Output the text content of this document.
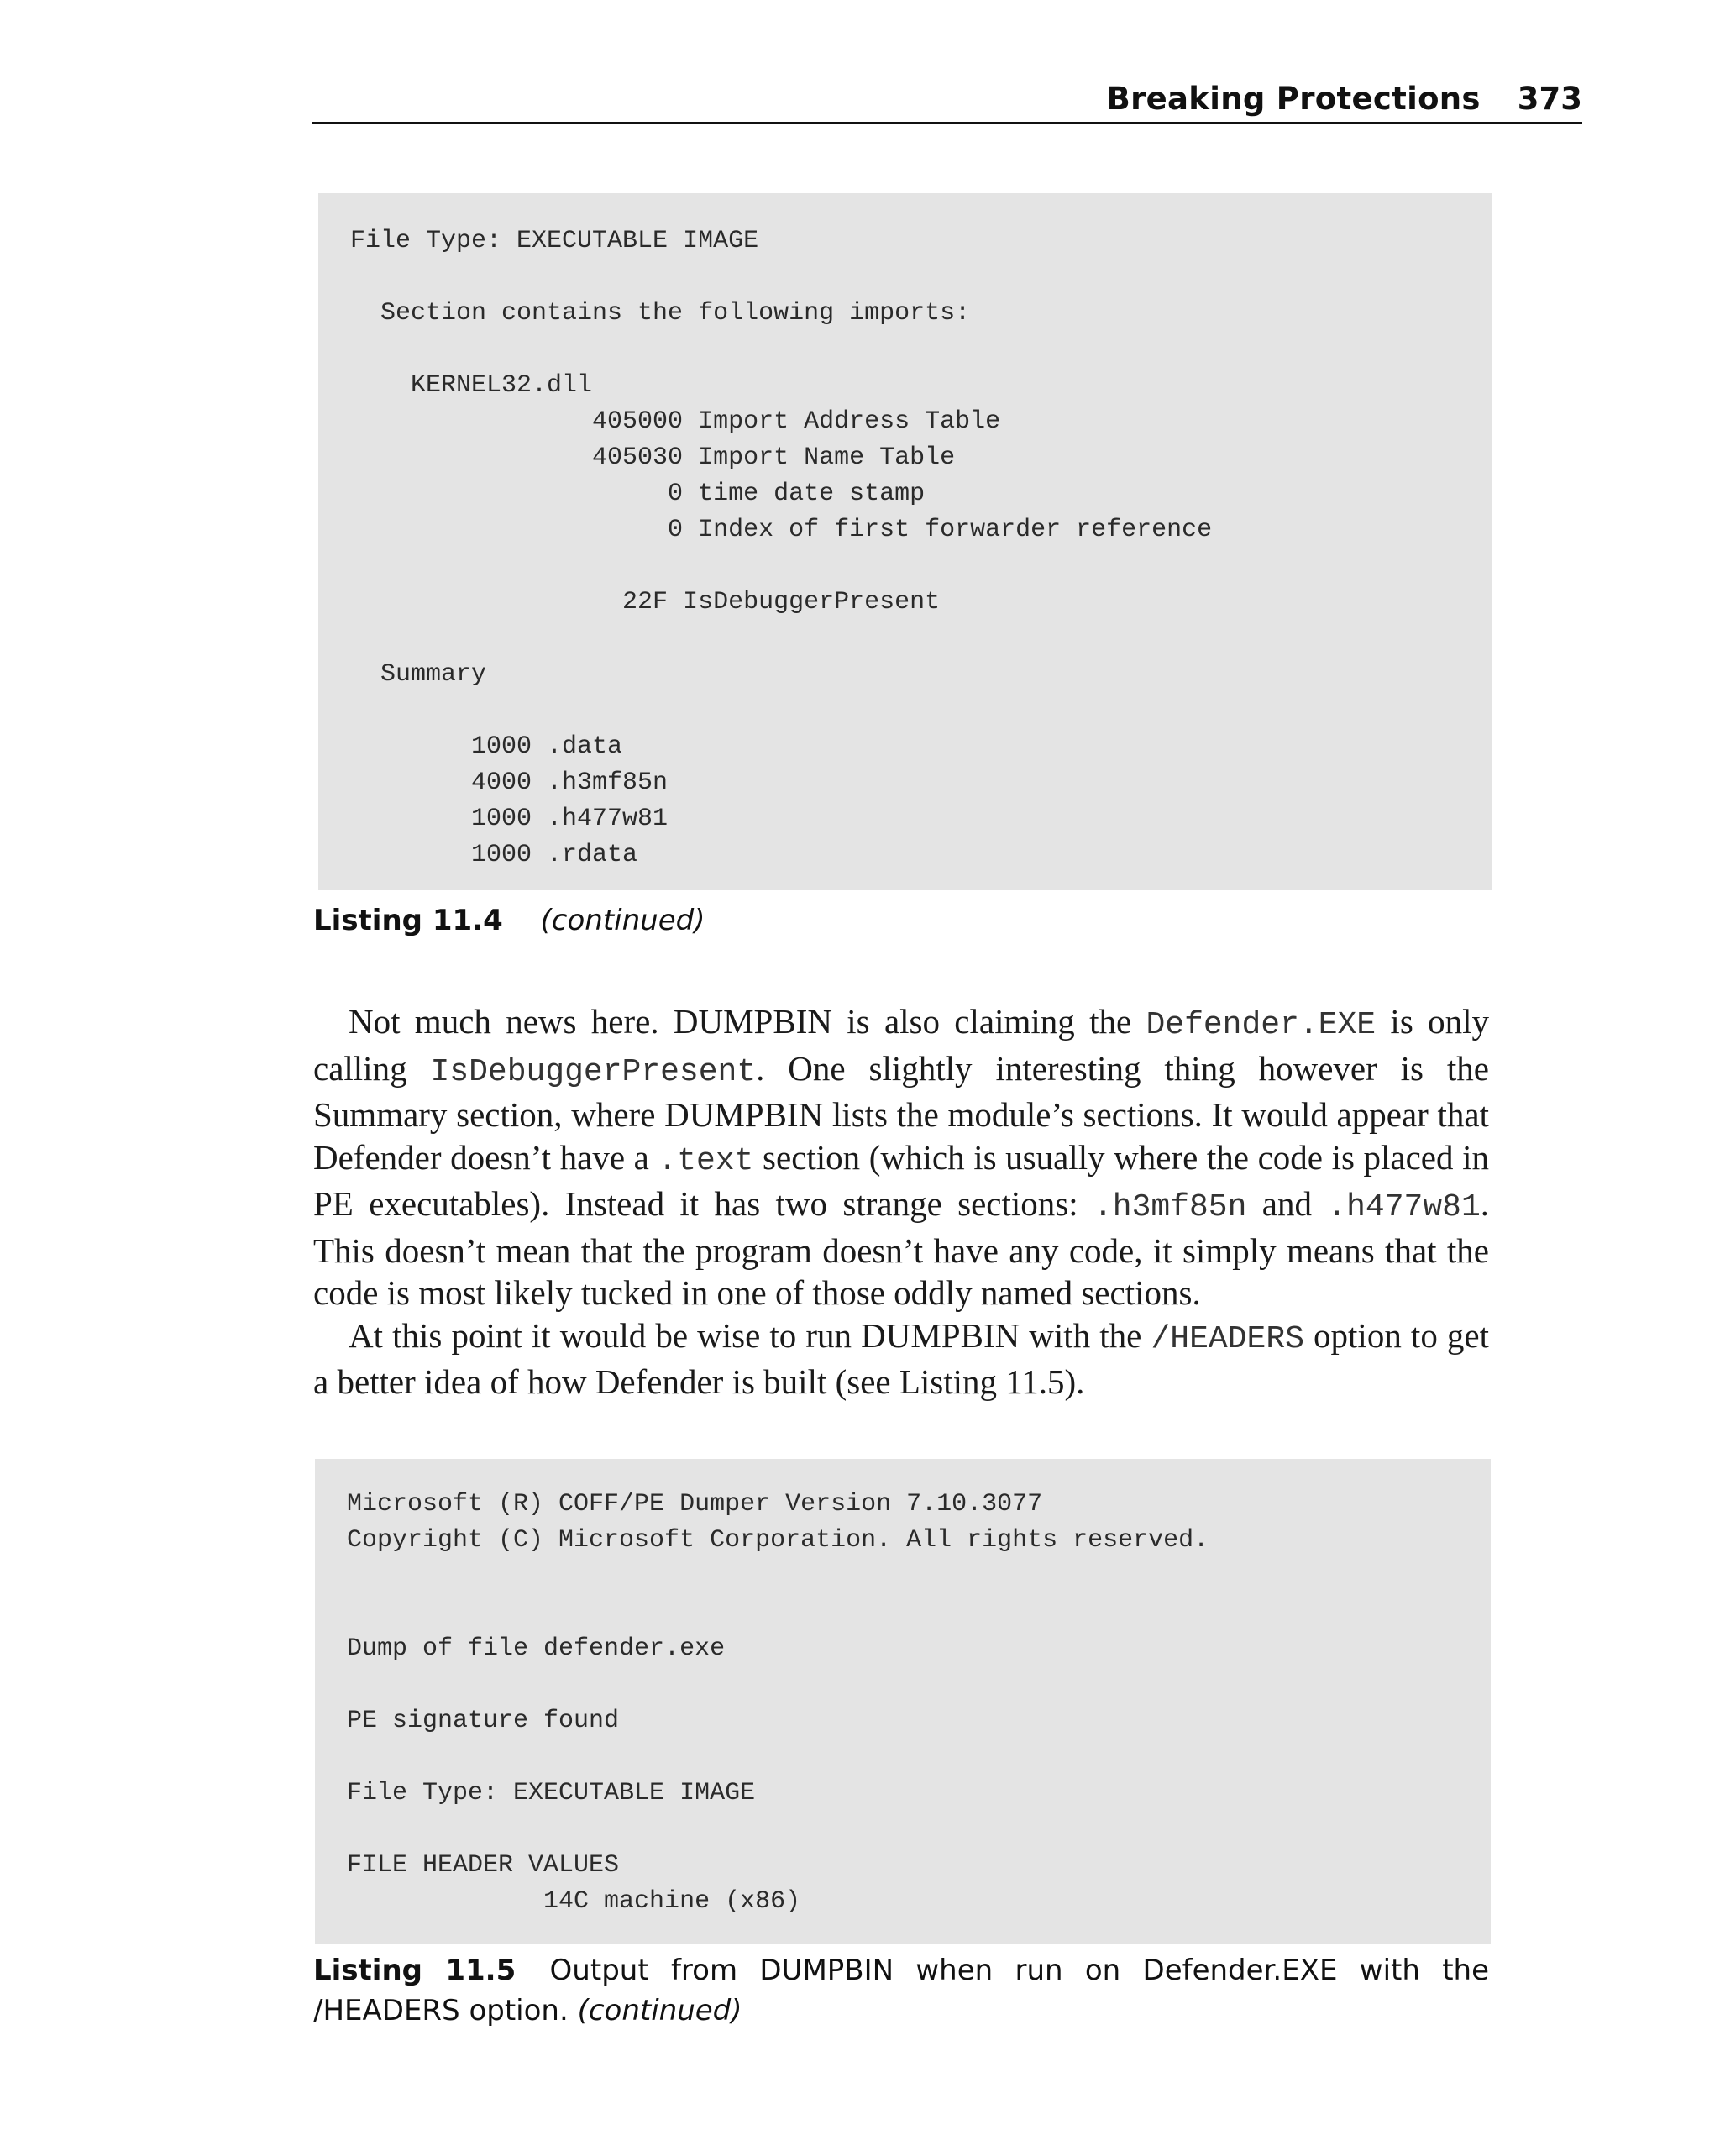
Breaking Protections 373
File Type: EXECUTABLE IMAGE

Section contains the following imports:

KERNEL32.dll
405000 Import Address Table
405030 Import Name Table
0 time date stamp
0 Index of first forwarder reference

22F IsDebuggerPresent

Summary

1000 .data
4000 .h3mf85n
1000 .h477w81
1000 .rdata
Listing 11.4 (continued)

Not much news here. DUMPBIN is also claiming the Defender.EXE is only calling IsDebuggerPresent. One slightly interesting thing however is the Summary section, where DUMPBIN lists the module’s sections. It would appear that Defender doesn’t have a .text section (which is usually where the code is placed in PE executables). Instead it has two strange sections: .h3mf85n and .h477w81. This doesn’t mean that the program doesn’t have any code, it simply means that the code is most likely tucked in one of those oddly named sections.

At this point it would be wise to run DUMPBIN with the /HEADERS option to get a better idea of how Defender is built (see Listing 11.5).

Microsoft (R) COFF/PE Dumper Version 7.10.3077
Copyright (C) Microsoft Corporation. All rights reserved.

Dump of file defender.exe

PE signature found

File Type: EXECUTABLE IMAGE

FILE HEADER VALUES
14C machine (x86)
Listing 11.5 Output from DUMPBIN when run on Defender.EXE with the /HEADERS option. (continued)
